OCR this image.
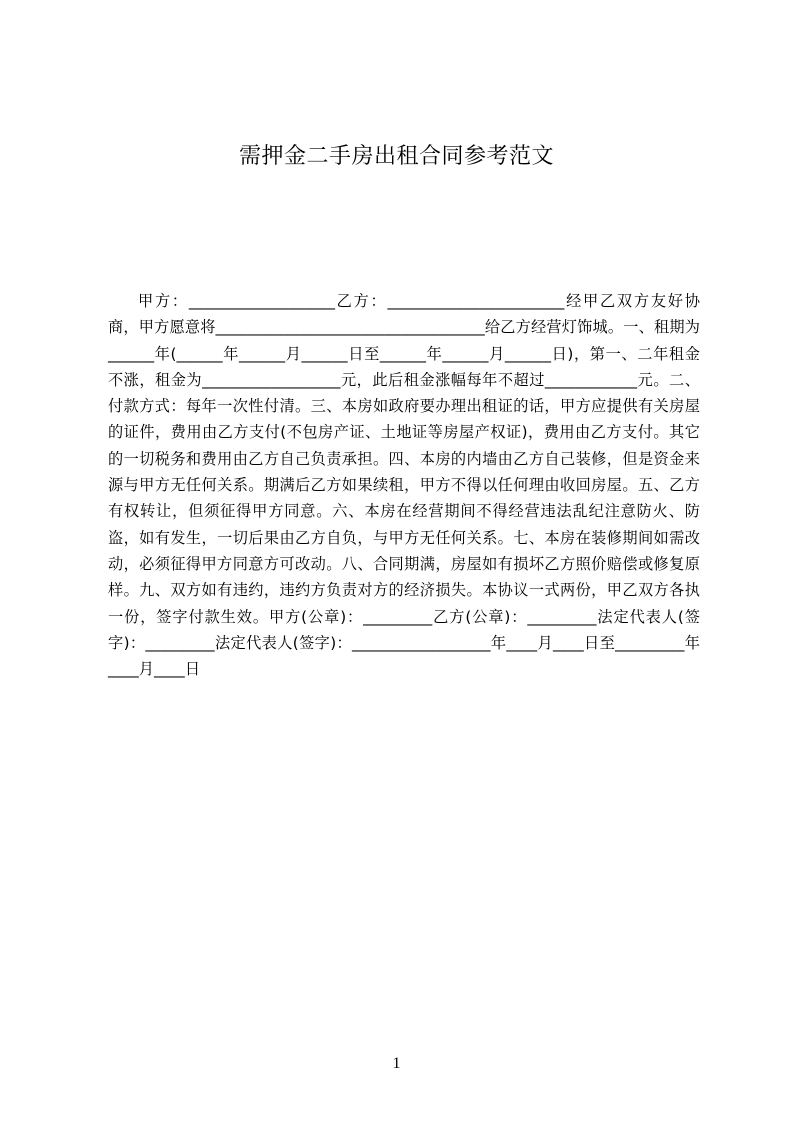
需押金二手房出租合同参考范文
甲方：___________________乙方：_______________________经甲乙双方友好协商，甲方愿意将___________________________________给乙方经营灯饰城。一、租期为______年(______年______月______日至______年______月______日)，第一、二年租金不涨，租金为__________________元，此后租金涨幅每年不超过____________元。二、付款方式：每年一次性付清。三、本房如政府要办理出租证的话，甲方应提供有关房屋的证件，费用由乙方支付(不包房产证、土地证等房屋产权证)，费用由乙方支付。其它的一切税务和费用由乙方自己负责承担。四、本房的内墙由乙方自己装修，但是资金来源与甲方无任何关系。期满后乙方如果续租，甲方不得以任何理由收回房屋。五、乙方有权转让，但须征得甲方同意。六、本房在经营期间不得经营违法乱纪注意防火、防盗，如有发生，一切后果由乙方自负，与甲方无任何关系。七、本房在装修期间如需改动，必须征得甲方同意方可改动。八、合同期满，房屋如有损坏乙方照价赔偿或修复原样。九、双方如有违约，违约方负责对方的经济损失。本协议一式两份，甲乙双方各执一份，签字付款生效。甲方(公章)：_________乙方(公章)：_________法定代表人(签字)：_________法定代表人(签字)：__________________年____月____日至_________年____月____日
1
